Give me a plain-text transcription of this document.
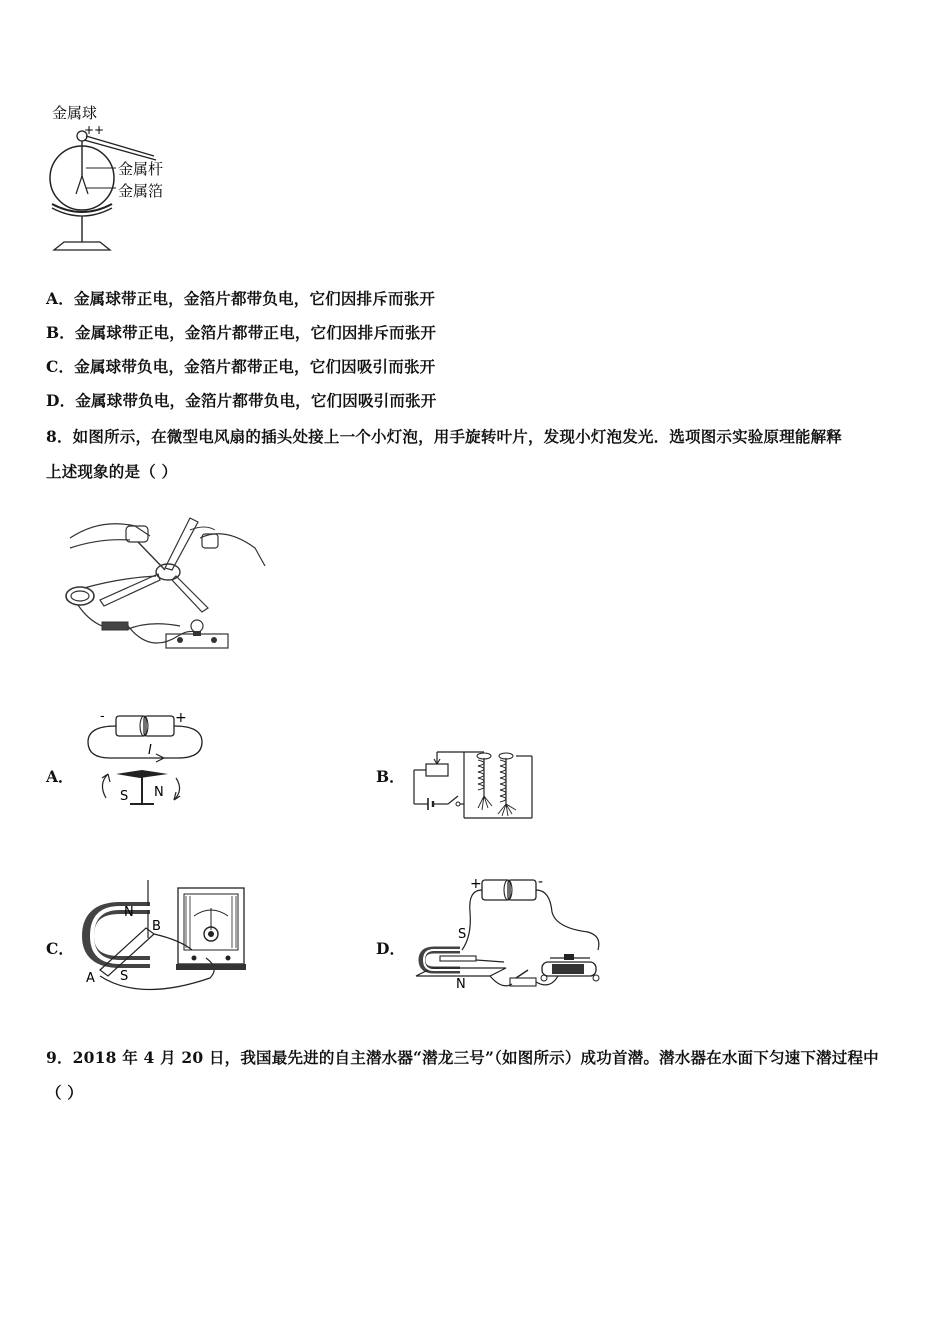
金属球
++
金属杆
金属箔
A．金属球带正电，金箔片都带负电，它们因排斥而张开
B．金属球带正电，金箔片都带正电，它们因排斥而张开
C．金属球带负电，金箔片都带正电，它们因吸引而张开
D．金属球带负电，金箔片都带负电，它们因吸引而张开
8．如图所示，在微型电风扇的插头处接上一个小灯泡，用手旋转叶片，发现小灯泡发光．选项图示实验原理能解释
上述现象的是（ ）
A．
-	+
I
S N
B．
C．
N
S
A
B
D．
+	-
S
N
9．2018 年 4 月 20 日，我国最先进的自主潜水器“潜龙三号”（如图所示）成功首潜。潜水器在水面下匀速下潜过程中
（ ）
